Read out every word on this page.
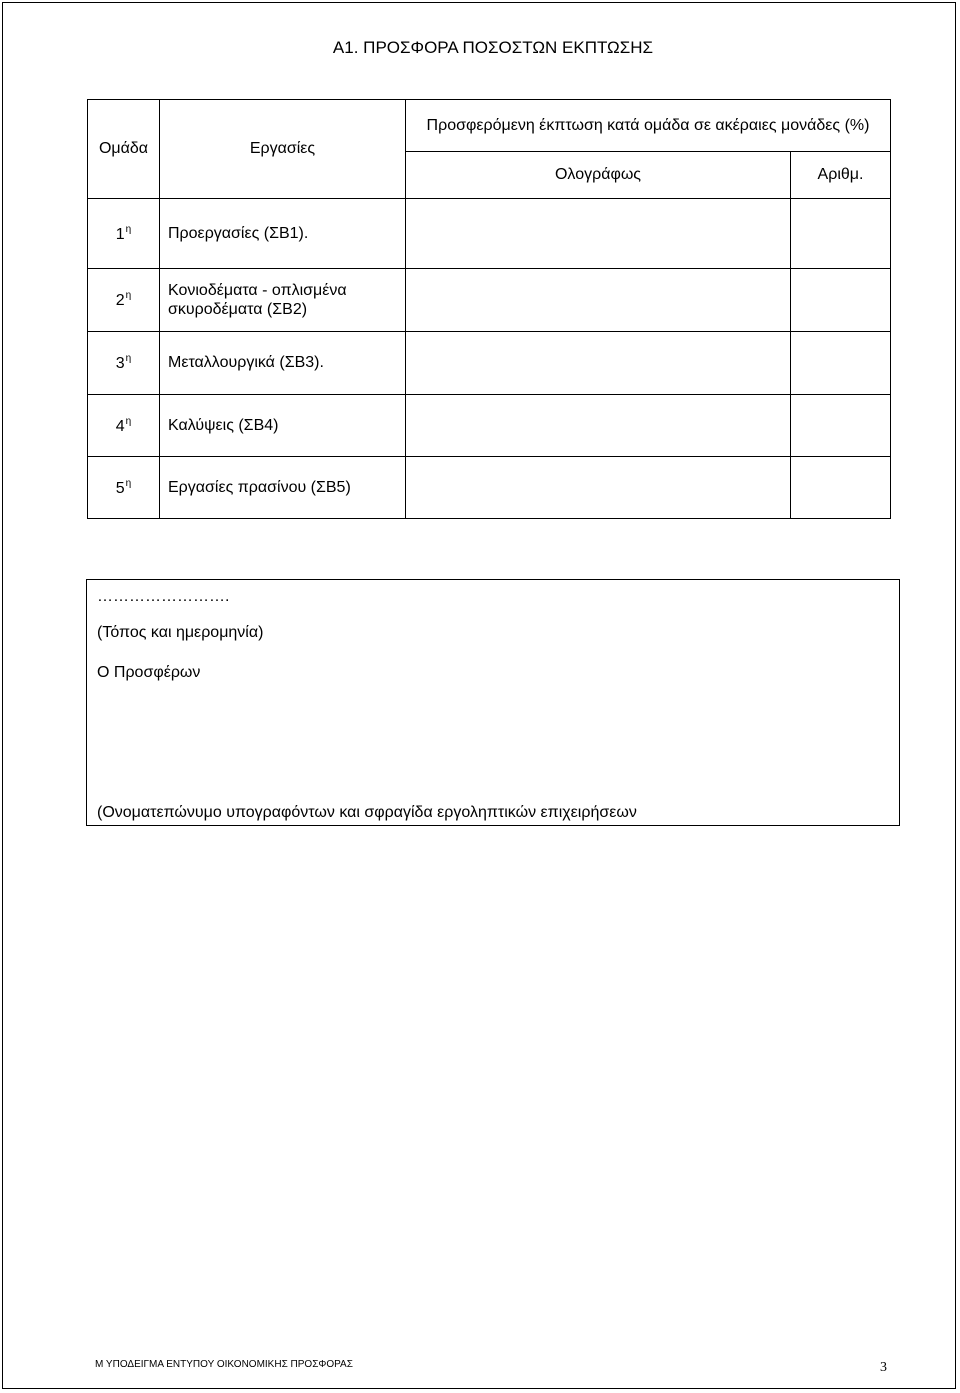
Α1. ΠΡΟΣΦΟΡΑ ΠΟΣΟΣΤΩΝ ΕΚΠΤΩΣΗΣ
Ομάδα	Εργασίες	Προσφερόμενη έκπτωση κατά ομάδα σε ακέραιες μονάδες (%)	
		Ολογράφως	Αριθμ.
$1^\eta$	Προεργασίες (ΣΒ1).		
$2^\eta$	Κονιοδέματα - οπλισμένα σκυροδέματα (ΣΒ2)		
$3^\eta$	Μεταλλουργικά (ΣΒ3).		
$4^\eta$	Καλύψεις (ΣΒ4)		
$5^\eta$	Εργασίες πρασίνου (ΣΒ5)		
…………………….
(Τόπος και ημερομηνία)
Ο Προσφέρων
(Ονοματεπώνυμο υπογραφόντων και σφραγίδα εργοληπτικών επιχειρήσεων
Μ ΥΠΟΔΕΙΓΜΑ ΕΝΤΥΠΟΥ ΟΙΚΟΝΟΜΙΚΗΣ ΠΡΟΣΦΟΡΑΣ	3
